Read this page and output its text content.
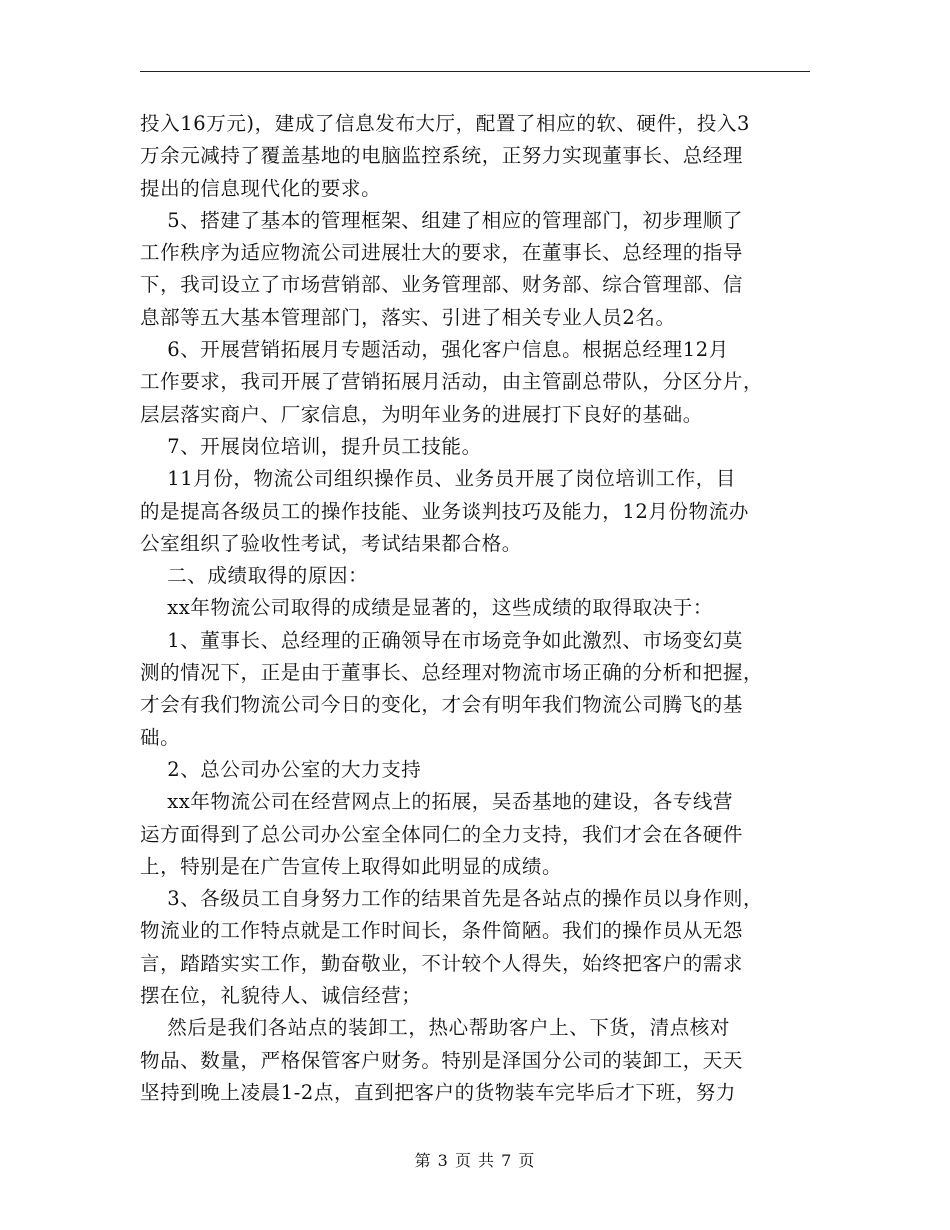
投入16万元)，建成了信息发布大厅，配置了相应的软、硬件，投入3

万余元减持了覆盖基地的电脑监控系统，正努力实现董事长、总经理

提出的信息现代化的要求。

5、搭建了基本的管理框架、组建了相应的管理部门，初步理顺了

工作秩序为适应物流公司进展壮大的要求，在董事长、总经理的指导

下，我司设立了市场营销部、业务管理部、财务部、综合管理部、信

息部等五大基本管理部门，落实、引进了相关专业人员2名。

6、开展营销拓展月专题活动，强化客户信息。根据总经理12月

工作要求，我司开展了营销拓展月活动，由主管副总带队，分区分片，

层层落实商户、厂家信息，为明年业务的进展打下良好的基础。

7、开展岗位培训，提升员工技能。

11月份，物流公司组织操作员、业务员开展了岗位培训工作，目

的是提高各级员工的操作技能、业务谈判技巧及能力，12月份物流办

公室组织了验收性考试，考试结果都合格。

二、成绩取得的原因：

xx年物流公司取得的成绩是显著的，这些成绩的取得取决于：

1、董事长、总经理的正确领导在市场竞争如此激烈、市场变幻莫

测的情况下，正是由于董事长、总经理对物流市场正确的分析和把握，

才会有我们物流公司今日的变化，才会有明年我们物流公司腾飞的基

础。

2、总公司办公室的大力支持

xx年物流公司在经营网点上的拓展，吴岙基地的建设，各专线营

运方面得到了总公司办公室全体同仁的全力支持，我们才会在各硬件

上，特别是在广告宣传上取得如此明显的成绩。

3、各级员工自身努力工作的结果首先是各站点的操作员以身作则，

物流业的工作特点就是工作时间长，条件简陋。我们的操作员从无怨

言，踏踏实实工作，勤奋敬业，不计较个人得失，始终把客户的需求

摆在位，礼貌待人、诚信经营；

然后是我们各站点的装卸工，热心帮助客户上、下货，清点核对

物品、数量，严格保管客户财务。特别是泽国分公司的装卸工，天天

坚持到晚上凌晨1-2点，直到把客户的货物装车完毕后才下班，努力

第 3 页 共 7 页
